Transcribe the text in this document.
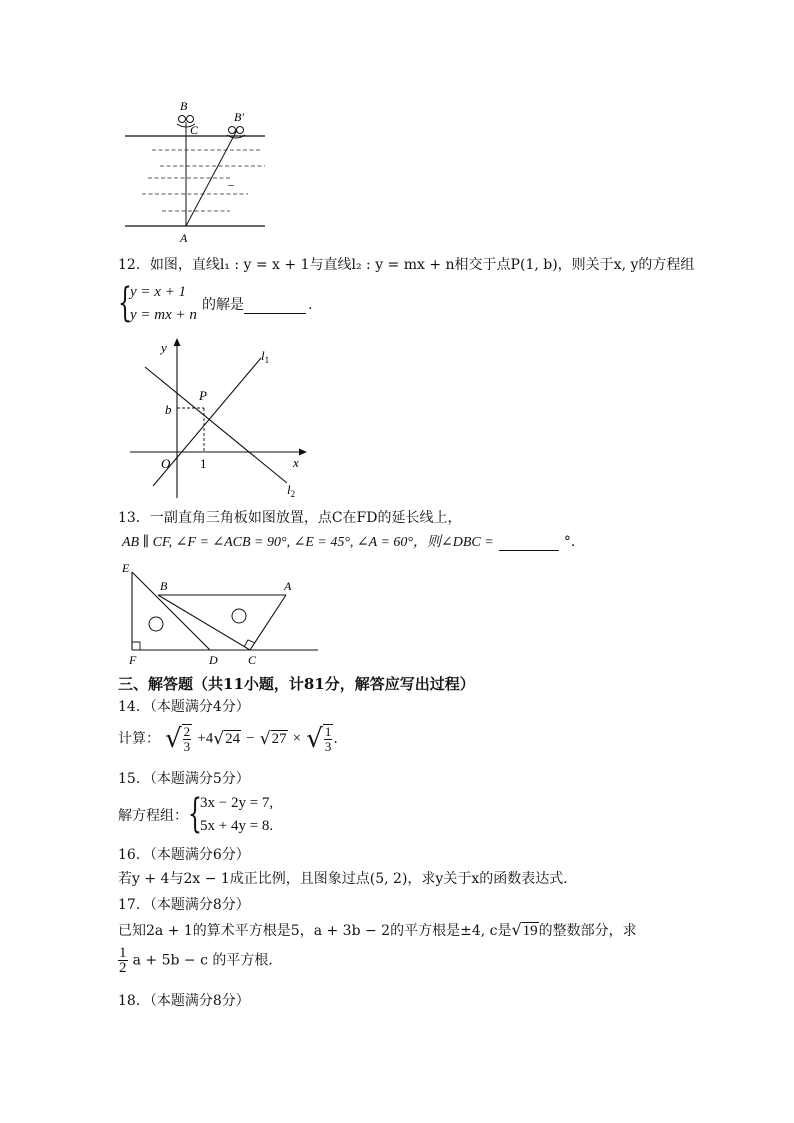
B
C
B′
A
–
12．如图，直线l₁ : y = x + 1与直线l₂ : y = mx + n相交于点P(1, b)，则关于x, y的方程组
{
y = x + 1
y = mx + n
的解是	.
y
x
O 1
b
P
$l_1$
$l_2$
13．一副直角三角板如图放置，点C在FD的延长线上，
AB ∥ CF, ∠F = ∠ACB = 90°, ∠E = 45°, ∠A = 60°，则∠DBC =	°．
E
B	A
F	D	C
三、解答题（共11小题，计81分，解答应写出过程）
14．（本题满分4分）
计算： √ $\frac{2}{3} +4√24 - √27$ × √ $\frac{1}{3}$ .
15．（本题满分5分）
解方程组： {
3x − 2y = 7,
5x + 4y = 8.
16．（本题满分6分）
若y + 4与2x − 1成正比例，且图象过点(5, 2)，求y关于x的函数表达式．
17．（本题满分8分）
已知2a + 1的算术平方根是5，a + 3b − 2的平方根是±4, c是√19的整数部分，求
$\frac{1}{2}$ a + 5b − c 的平方根．
18．（本题满分8分）
